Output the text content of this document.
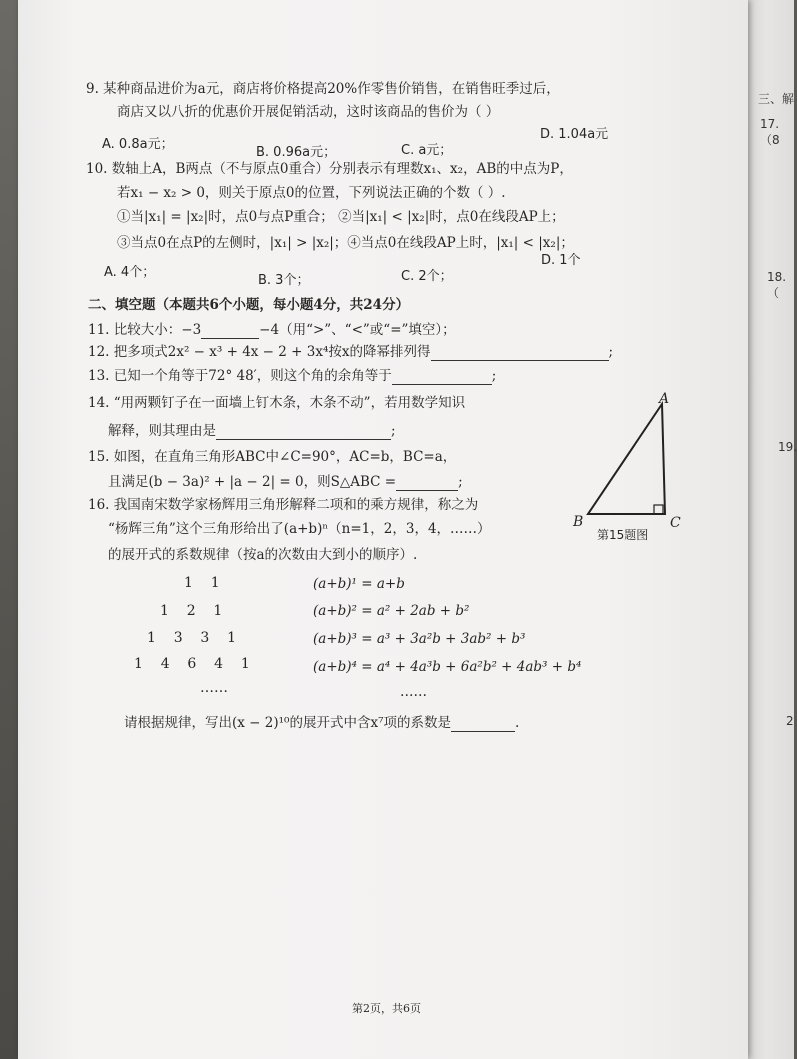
9. 某种商品进价为a元，商店将价格提高20%作零售价销售，在销售旺季过后，
商店又以八折的优惠价开展促销活动，这时该商品的售价为（ ）
D. 1.04a元
A. 0.8a元；
B. 0.96a元；	C. a元；
10. 数轴上A，B两点（不与原点0重合）分别表示有理数x₁、x₂，AB的中点为P，
若x₁ − x₂ > 0，则关于原点0的位置，下列说法正确的个数（ ）.
①当|x₁| = |x₂|时，点0与点P重合； ②当|x₁| < |x₂|时，点0在线段AP上；
③当点0在点P的左侧时，|x₁| > |x₂|；④当点0在线段AP上时，|x₁| < |x₂|；
A. 4个；
B. 3个；	C. 2个；
D. 1个
二、填空题（本题共6个小题，每小题4分，共24分）
11. 比较大小：−3	−4（用“>”、“<”或“=”填空）；
12. 把多项式2x² − x³ + 4x − 2 + 3x⁴按x的降幂排列得	;
13. 已知一个角等于72° 48′，则这个角的余角等于	;
14. “用两颗钉子在一面墙上钉木条，木条不动”，若用数学知识
解释，则其理由是	;
15. 如图，在直角三角形ABC中∠C=90°，AC=b，BC=a，
且满足(b − 3a)² + |a − 2| = 0，则S△ABC =	;
A
B	C
第15题图
16. 我国南宋数学家杨辉用三角形解释二项和的乘方规律，称之为
“杨辉三角”这个三角形给出了(a+b)ⁿ（n=1，2，3，4，……）
的展开式的系数规律（按a的次数由大到小的顺序）.
1    1
1    2    1
1    3    3    1
1    4    6    4    1
……
(a+b)¹ = a+b
(a+b)² = a² + 2ab + b²
(a+b)³ = a³ + 3a²b + 3ab² + b³
(a+b)⁴ = a⁴ + 4a³b + 6a²b² + 4ab³ + b⁴
……
请根据规律，写出(x − 2)¹⁰的展开式中含x⁷项的系数是	.
第2页，共6页
三、解
17.（8
18.（
19.
2
